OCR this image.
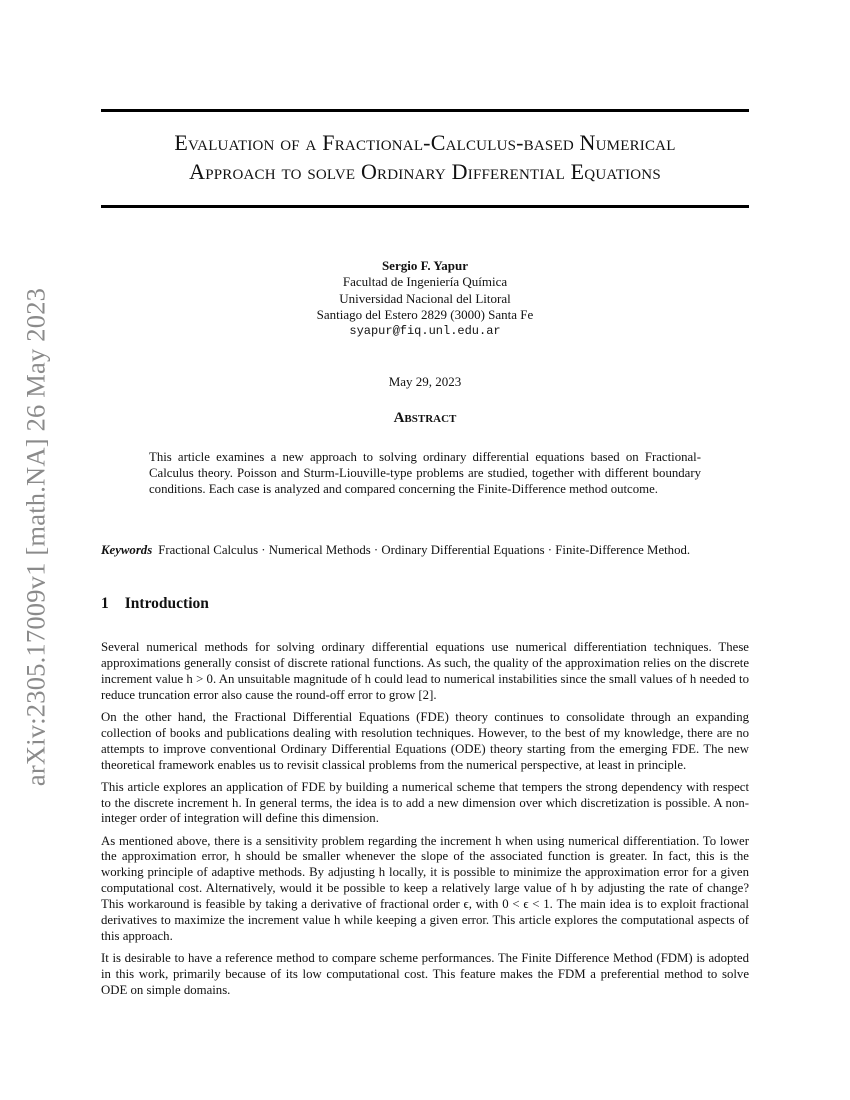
arXiv:2305.17009v1 [math.NA] 26 May 2023
Evaluation of a Fractional-Calculus-based Numerical
Approach to solve Ordinary Differential Equations
Sergio F. Yapur
Facultad de Ingeniería Química
Universidad Nacional del Litoral
Santiago del Estero 2829 (3000) Santa Fe
syapur@fiq.unl.edu.ar
May 29, 2023
Abstract
This article examines a new approach to solving ordinary differential equations based on Fractional-Calculus theory. Poisson and Sturm-Liouville-type problems are studied, together with different boundary conditions. Each case is analyzed and compared concerning the Finite-Difference method outcome.
Keywords Fractional Calculus · Numerical Methods · Ordinary Differential Equations · Finite-Difference Method.
1 Introduction

Several numerical methods for solving ordinary differential equations use numerical differentiation techniques. These approximations generally consist of discrete rational functions. As such, the quality of the approximation relies on the discrete increment value h > 0. An unsuitable magnitude of h could lead to numerical instabilities since the small values of h needed to reduce truncation error also cause the round-off error to grow [2].

On the other hand, the Fractional Differential Equations (FDE) theory continues to consolidate through an expanding collection of books and publications dealing with resolution techniques. However, to the best of my knowledge, there are no attempts to improve conventional Ordinary Differential Equations (ODE) theory starting from the emerging FDE. The new theoretical framework enables us to revisit classical problems from the numerical perspective, at least in principle.

This article explores an application of FDE by building a numerical scheme that tempers the strong dependency with respect to the discrete increment h. In general terms, the idea is to add a new dimension over which discretization is possible. A non-integer order of integration will define this dimension.

As mentioned above, there is a sensitivity problem regarding the increment h when using numerical differentiation. To lower the approximation error, h should be smaller whenever the slope of the associated function is greater. In fact, this is the working principle of adaptive methods. By adjusting h locally, it is possible to minimize the approximation error for a given computational cost. Alternatively, would it be possible to keep a relatively large value of h by adjusting the rate of change? This workaround is feasible by taking a derivative of fractional order ϵ, with 0 < ϵ < 1. The main idea is to exploit fractional derivatives to maximize the increment value h while keeping a given error. This article explores the computational aspects of this approach.

It is desirable to have a reference method to compare scheme performances. The Finite Difference Method (FDM) is adopted in this work, primarily because of its low computational cost. This feature makes the FDM a preferential method to solve ODE on simple domains.
